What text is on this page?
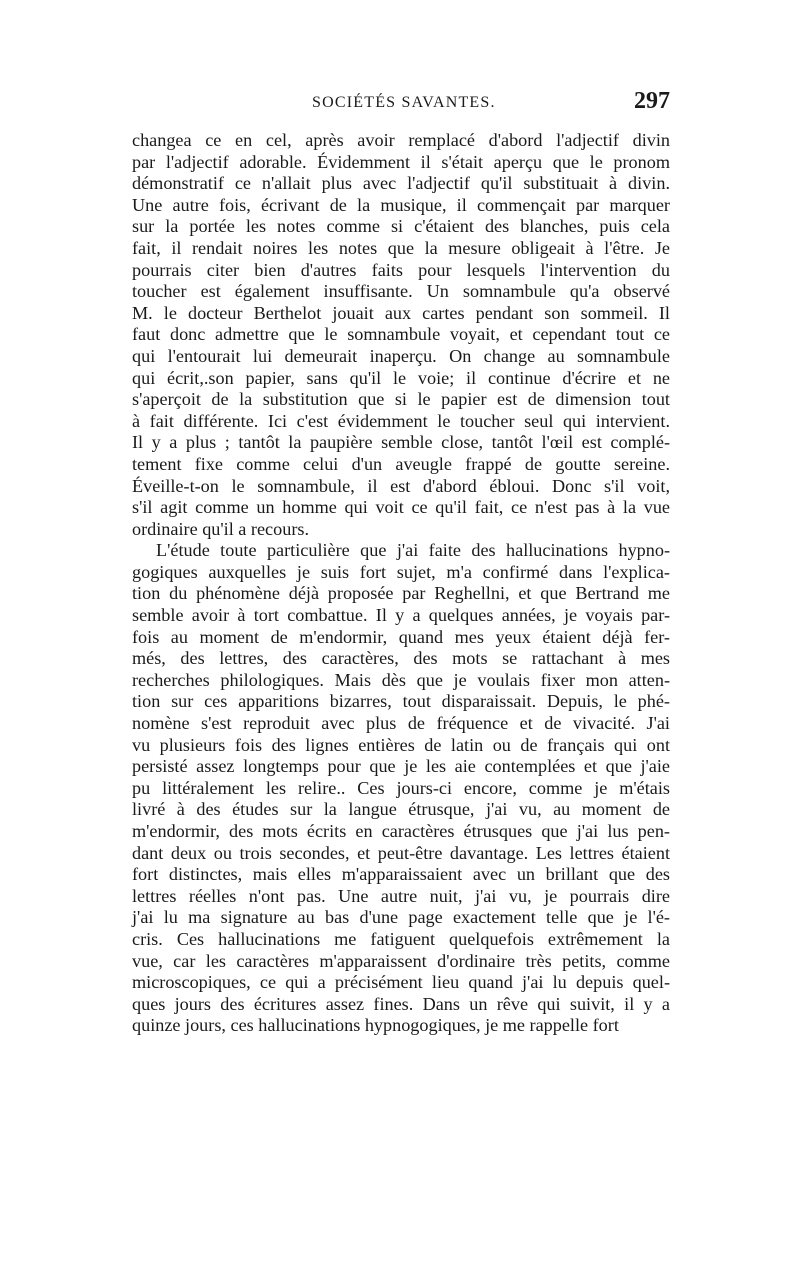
SOCIÉTÉS SAVANTES.	297
changea ce en cel, après avoir remplacé d'abord l'adjectif divin
par l'adjectif adorable. Évidemment il s'était aperçu que le pronom
démonstratif ce n'allait plus avec l'adjectif qu'il substituait à divin.
Une autre fois, écrivant de la musique, il commençait par marquer
sur la portée les notes comme si c'étaient des blanches, puis cela
fait, il rendait noires les notes que la mesure obligeait à l'être. Je
pourrais citer bien d'autres faits pour lesquels l'intervention du
toucher est également insuffisante. Un somnambule qu'a observé
M. le docteur Berthelot jouait aux cartes pendant son sommeil. Il
faut donc admettre que le somnambule voyait, et cependant tout ce
qui l'entourait lui demeurait inaperçu. On change au somnambule
qui écrit,.son papier, sans qu'il le voie; il continue d'écrire et ne
s'aperçoit de la substitution que si le papier est de dimension tout
à fait différente. Ici c'est évidemment le toucher seul qui intervient.
Il y a plus ; tantôt la paupière semble close, tantôt l'œil est complé-
tement fixe comme celui d'un aveugle frappé de goutte sereine.
Éveille-t-on le somnambule, il est d'abord ébloui. Donc s'il voit,
s'il agit comme un homme qui voit ce qu'il fait, ce n'est pas à la vue
ordinaire qu'il a recours.
L'étude toute particulière que j'ai faite des hallucinations hypno-
gogiques auxquelles je suis fort sujet, m'a confirmé dans l'explica-
tion du phénomène déjà proposée par Reghellni, et que Bertrand me
semble avoir à tort combattue. Il y a quelques années, je voyais par-
fois au moment de m'endormir, quand mes yeux étaient déjà fer-
més, des lettres, des caractères, des mots se rattachant à mes
recherches philologiques. Mais dès que je voulais fixer mon atten-
tion sur ces apparitions bizarres, tout disparaissait. Depuis, le phé-
nomène s'est reproduit avec plus de fréquence et de vivacité. J'ai
vu plusieurs fois des lignes entières de latin ou de français qui ont
persisté assez longtemps pour que je les aie contemplées et que j'aie
pu littéralement les relire.. Ces jours-ci encore, comme je m'étais
livré à des études sur la langue étrusque, j'ai vu, au moment de
m'endormir, des mots écrits en caractères étrusques que j'ai lus pen-
dant deux ou trois secondes, et peut-être davantage. Les lettres étaient
fort distinctes, mais elles m'apparaissaient avec un brillant que des
lettres réelles n'ont pas. Une autre nuit, j'ai vu, je pourrais dire
j'ai lu ma signature au bas d'une page exactement telle que je l'é-
cris. Ces hallucinations me fatiguent quelquefois extrêmement la
vue, car les caractères m'apparaissent d'ordinaire très petits, comme
microscopiques, ce qui a précisément lieu quand j'ai lu depuis quel-
ques jours des écritures assez fines. Dans un rêve qui suivit, il y a
quinze jours, ces hallucinations hypnogogiques, je me rappelle fort
